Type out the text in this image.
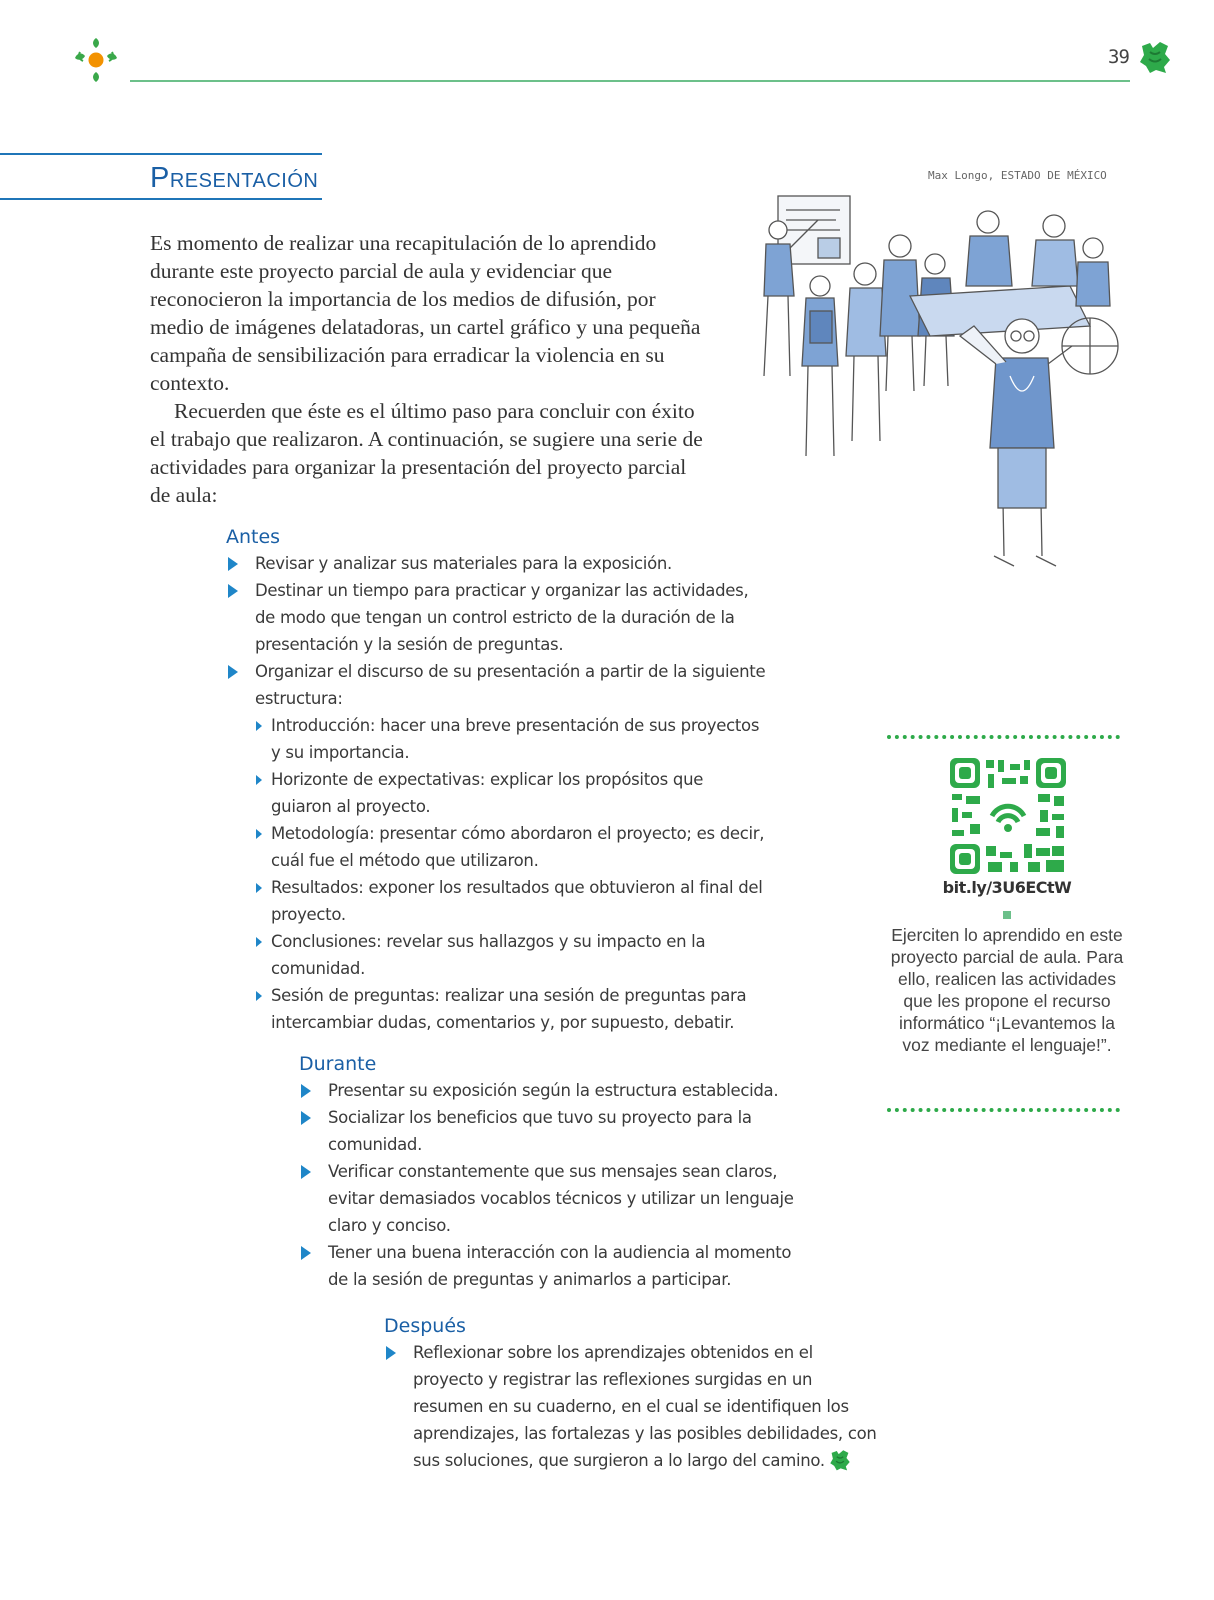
39
Presentación

Es momento de realizar una recapitulación de lo aprendido durante este proyecto parcial de aula y evidenciar que reconocieron la importancia de los medios de difusión, por medio de imágenes delatadoras, un cartel gráfico y una pequeña campaña de sensibilización para erradicar la violencia en su contexto.

Recuerden que éste es el último paso para concluir con éxito el trabajo que realizaron. A continuación, se sugiere una serie de actividades para organizar la presentación del proyecto parcial de aula:

Max Longo, ESTADO DE MÉXICO
Antes
Revisar y analizar sus materiales para la exposición.
Destinar un tiempo para practicar y organizar las actividades, de modo que tengan un control estricto de la duración de la presentación y la sesión de preguntas.
Organizar el discurso de su presentación a partir de la siguiente estructura:
Introducción: hacer una breve presentación de sus proyectos y su importancia.
Horizonte de expectativas: explicar los propósitos que guiaron al proyecto.
Metodología: presentar cómo abordaron el proyecto; es decir, cuál fue el método que utilizaron.
Resultados: exponer los resultados que obtuvieron al final del proyecto.
Conclusiones: revelar sus hallazgos y su impacto en la comunidad.
Sesión de preguntas: realizar una sesión de preguntas para intercambiar dudas, comentarios y, por supuesto, debatir.
Durante
Presentar su exposición según la estructura establecida.
Socializar los beneficios que tuvo su proyecto para la comunidad.
Verificar constantemente que sus mensajes sean claros, evitar demasiados vocablos técnicos y utilizar un lenguaje claro y conciso.
Tener una buena interacción con la audiencia al momento de la sesión de preguntas y animarlos a participar.
Después
Reflexionar sobre los aprendizajes obtenidos en el proyecto y registrar las reflexiones surgidas en un resumen en su cuaderno, en el cual se identifiquen los aprendizajes, las fortalezas y las posibles debilidades, con sus soluciones, que surgieron a lo largo del camino.
bit.ly/3U6ECtW
Ejerciten lo aprendido en este proyecto parcial de aula. Para ello, realicen las actividades que les propone el recurso informático “¡Levantemos la voz mediante el lenguaje!”.
